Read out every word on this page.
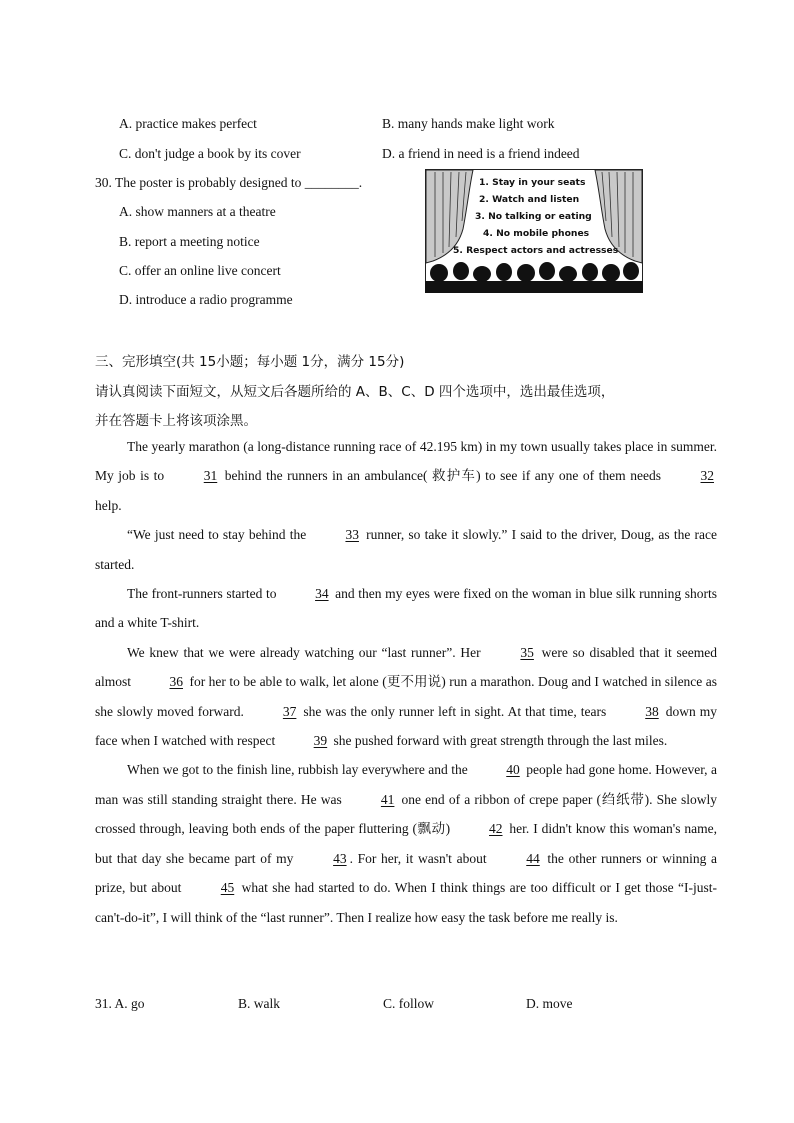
A. practice makes perfect	B. many hands make light work
C. don't judge a book by its cover	D. a friend in need is a friend indeed
30. The poster is probably designed to ________.
A. show manners at a theatre
B. report a meeting notice
C. offer an online live concert
D. introduce a radio programme
1. Stay in your seats
2. Watch and listen
3. No talking or eating
4. No mobile phones
5. Respect actors and actresses
三、完形填空(共 15小题；每小题 1分，满分 15分)
请认真阅读下面短文，从短文后各题所给的 A、B、C、D 四个选项中，选出最佳选项，
并在答题卡上将该项涂黑。

The yearly marathon (a long-distance running race of 42.195 km) in my town usually takes place in summer. My job is to	31 behind the runners in an ambulance( 救护车) to see if any one of them needs	32 help.

“We just need to stay behind the	33 runner, so take it slowly.” I said to the driver, Doug, as the race started.

The front-runners started to	34 and then my eyes were fixed on the woman in blue silk running shorts and a white T-shirt.

We knew that we were already watching our “last runner”. Her	35 were so disabled that it seemed almost	36 for her to be able to walk, let alone (更不用说) run a marathon. Doug and I watched in silence as she slowly moved forward.	37 she was the only runner left in sight. At that time, tears	38 down my face when I watched with respect	39 she pushed forward with great strength through the last miles.

When we got to the finish line, rubbish lay everywhere and the	40 people had gone home. However, a man was still standing straight there. He was	41 one end of a ribbon of crepe paper (绉纸带). She slowly crossed through, leaving both ends of the paper fluttering (飘动)	42 her. I didn't know this woman's name, but that day she became part of my	43 . For her, it wasn't about	44 the other runners or winning a prize, but about	45 what she had started to do. When I think things are too difficult or I get those “I-just-can't-do-it”, I will think of the “last runner”. Then I realize how easy the task before me really is.

31. A. go	B. walk	C. follow	D. move
